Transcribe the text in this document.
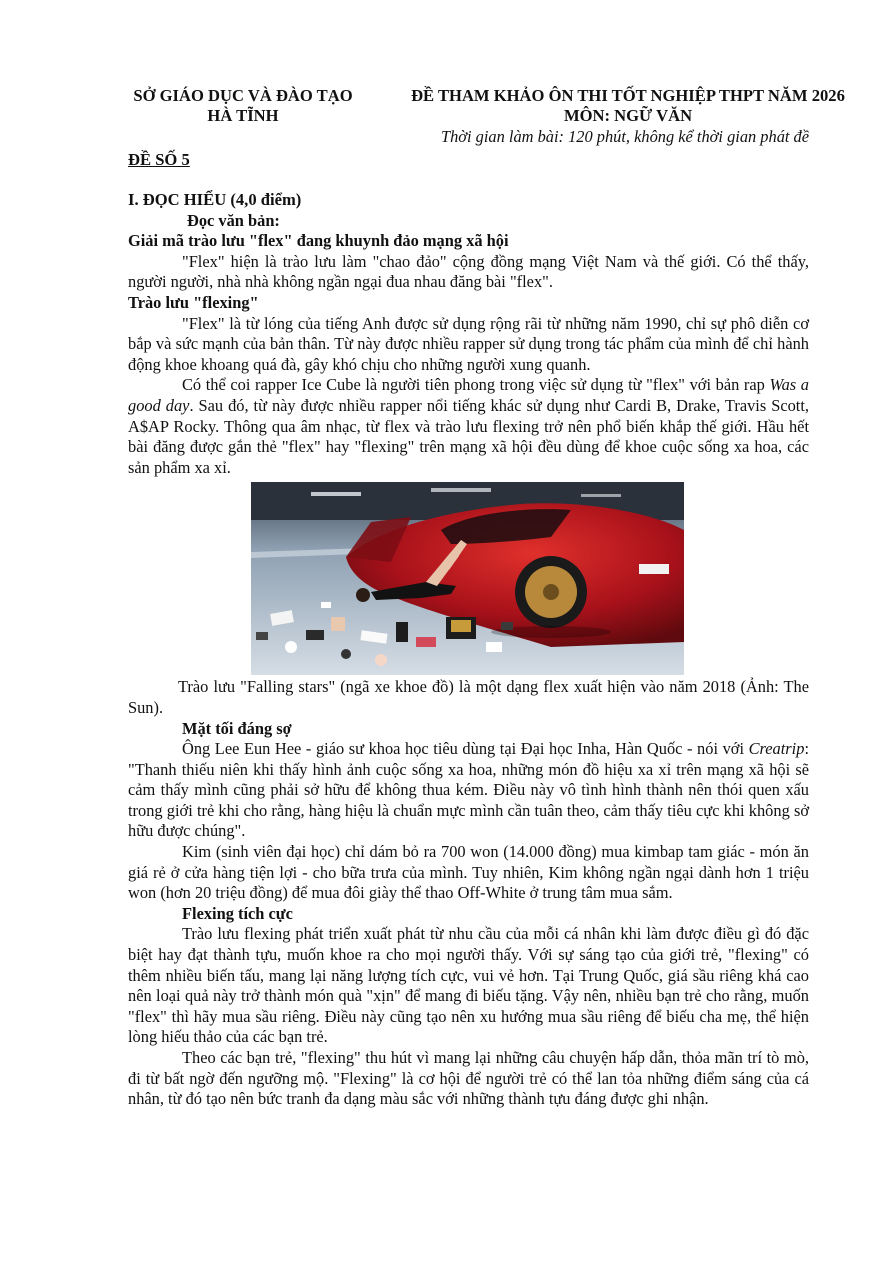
SỞ GIÁO DỤC VÀ ĐÀO TẠO
HÀ TĨNH
ĐỀ THAM KHẢO ÔN THI TỐT NGHIỆP THPT NĂM 2026
MÔN: NGỮ VĂN
Thời gian làm bài: 120 phút, không kể thời gian phát đề
ĐỀ SỐ 5

I. ĐỌC HIỂU (4,0 điểm)

Đọc văn bản:

Giải mã trào lưu "flex" đang khuynh đảo mạng xã hội

"Flex" hiện là trào lưu làm "chao đảo" cộng đồng mạng Việt Nam và thế giới. Có thể thấy, người người, nhà nhà không ngần ngại đua nhau đăng bài "flex".

Trào lưu "flexing"

"Flex" là từ lóng của tiếng Anh được sử dụng rộng rãi từ những năm 1990, chỉ sự phô diễn cơ bắp và sức mạnh của bản thân. Từ này được nhiều rapper sử dụng trong tác phẩm của mình để chỉ hành động khoe khoang quá đà, gây khó chịu cho những người xung quanh.

Có thể coi rapper Ice Cube là người tiên phong trong việc sử dụng từ "flex" với bản rap Was a good day. Sau đó, từ này được nhiều rapper nổi tiếng khác sử dụng như Cardi B, Drake, Travis Scott, A$AP Rocky. Thông qua âm nhạc, từ flex và trào lưu flexing trở nên phổ biến khắp thế giới. Hầu hết bài đăng được gắn thẻ "flex" hay "flexing" trên mạng xã hội đều dùng để khoe cuộc sống xa hoa, các sản phẩm xa xỉ.

Trào lưu "Falling stars" (ngã xe khoe đồ) là một dạng flex xuất hiện vào năm 2018 (Ảnh: The Sun).

Mặt tối đáng sợ

Ông Lee Eun Hee - giáo sư khoa học tiêu dùng tại Đại học Inha, Hàn Quốc - nói với Creatrip: "Thanh thiếu niên khi thấy hình ảnh cuộc sống xa hoa, những món đồ hiệu xa xỉ trên mạng xã hội sẽ cảm thấy mình cũng phải sở hữu để không thua kém. Điều này vô tình hình thành nên thói quen xấu trong giới trẻ khi cho rằng, hàng hiệu là chuẩn mực mình cần tuân theo, cảm thấy tiêu cực khi không sở hữu được chúng".

Kim (sinh viên đại học) chỉ dám bỏ ra 700 won (14.000 đồng) mua kimbap tam giác - món ăn giá rẻ ở cửa hàng tiện lợi - cho bữa trưa của mình. Tuy nhiên, Kim không ngần ngại dành hơn 1 triệu won (hơn 20 triệu đồng) để mua đôi giày thể thao Off-White ở trung tâm mua sắm.

Flexing tích cực

Trào lưu flexing phát triển xuất phát từ nhu cầu của mỗi cá nhân khi làm được điều gì đó đặc biệt hay đạt thành tựu, muốn khoe ra cho mọi người thấy. Với sự sáng tạo của giới trẻ, "flexing" có thêm nhiều biến tấu, mang lại năng lượng tích cực, vui vẻ hơn. Tại Trung Quốc, giá sầu riêng khá cao nên loại quả này trở thành món quà "xịn" để mang đi biếu tặng. Vậy nên, nhiều bạn trẻ cho rằng, muốn "flex" thì hãy mua sầu riêng. Điều này cũng tạo nên xu hướng mua sầu riêng để biếu cha mẹ, thể hiện lòng hiếu thảo của các bạn trẻ.

Theo các bạn trẻ, "flexing" thu hút vì mang lại những câu chuyện hấp dẫn, thỏa mãn trí tò mò, đi từ bất ngờ đến ngưỡng mộ. "Flexing" là cơ hội để người trẻ có thể lan tỏa những điểm sáng của cá nhân, từ đó tạo nên bức tranh đa dạng màu sắc với những thành tựu đáng được ghi nhận.
